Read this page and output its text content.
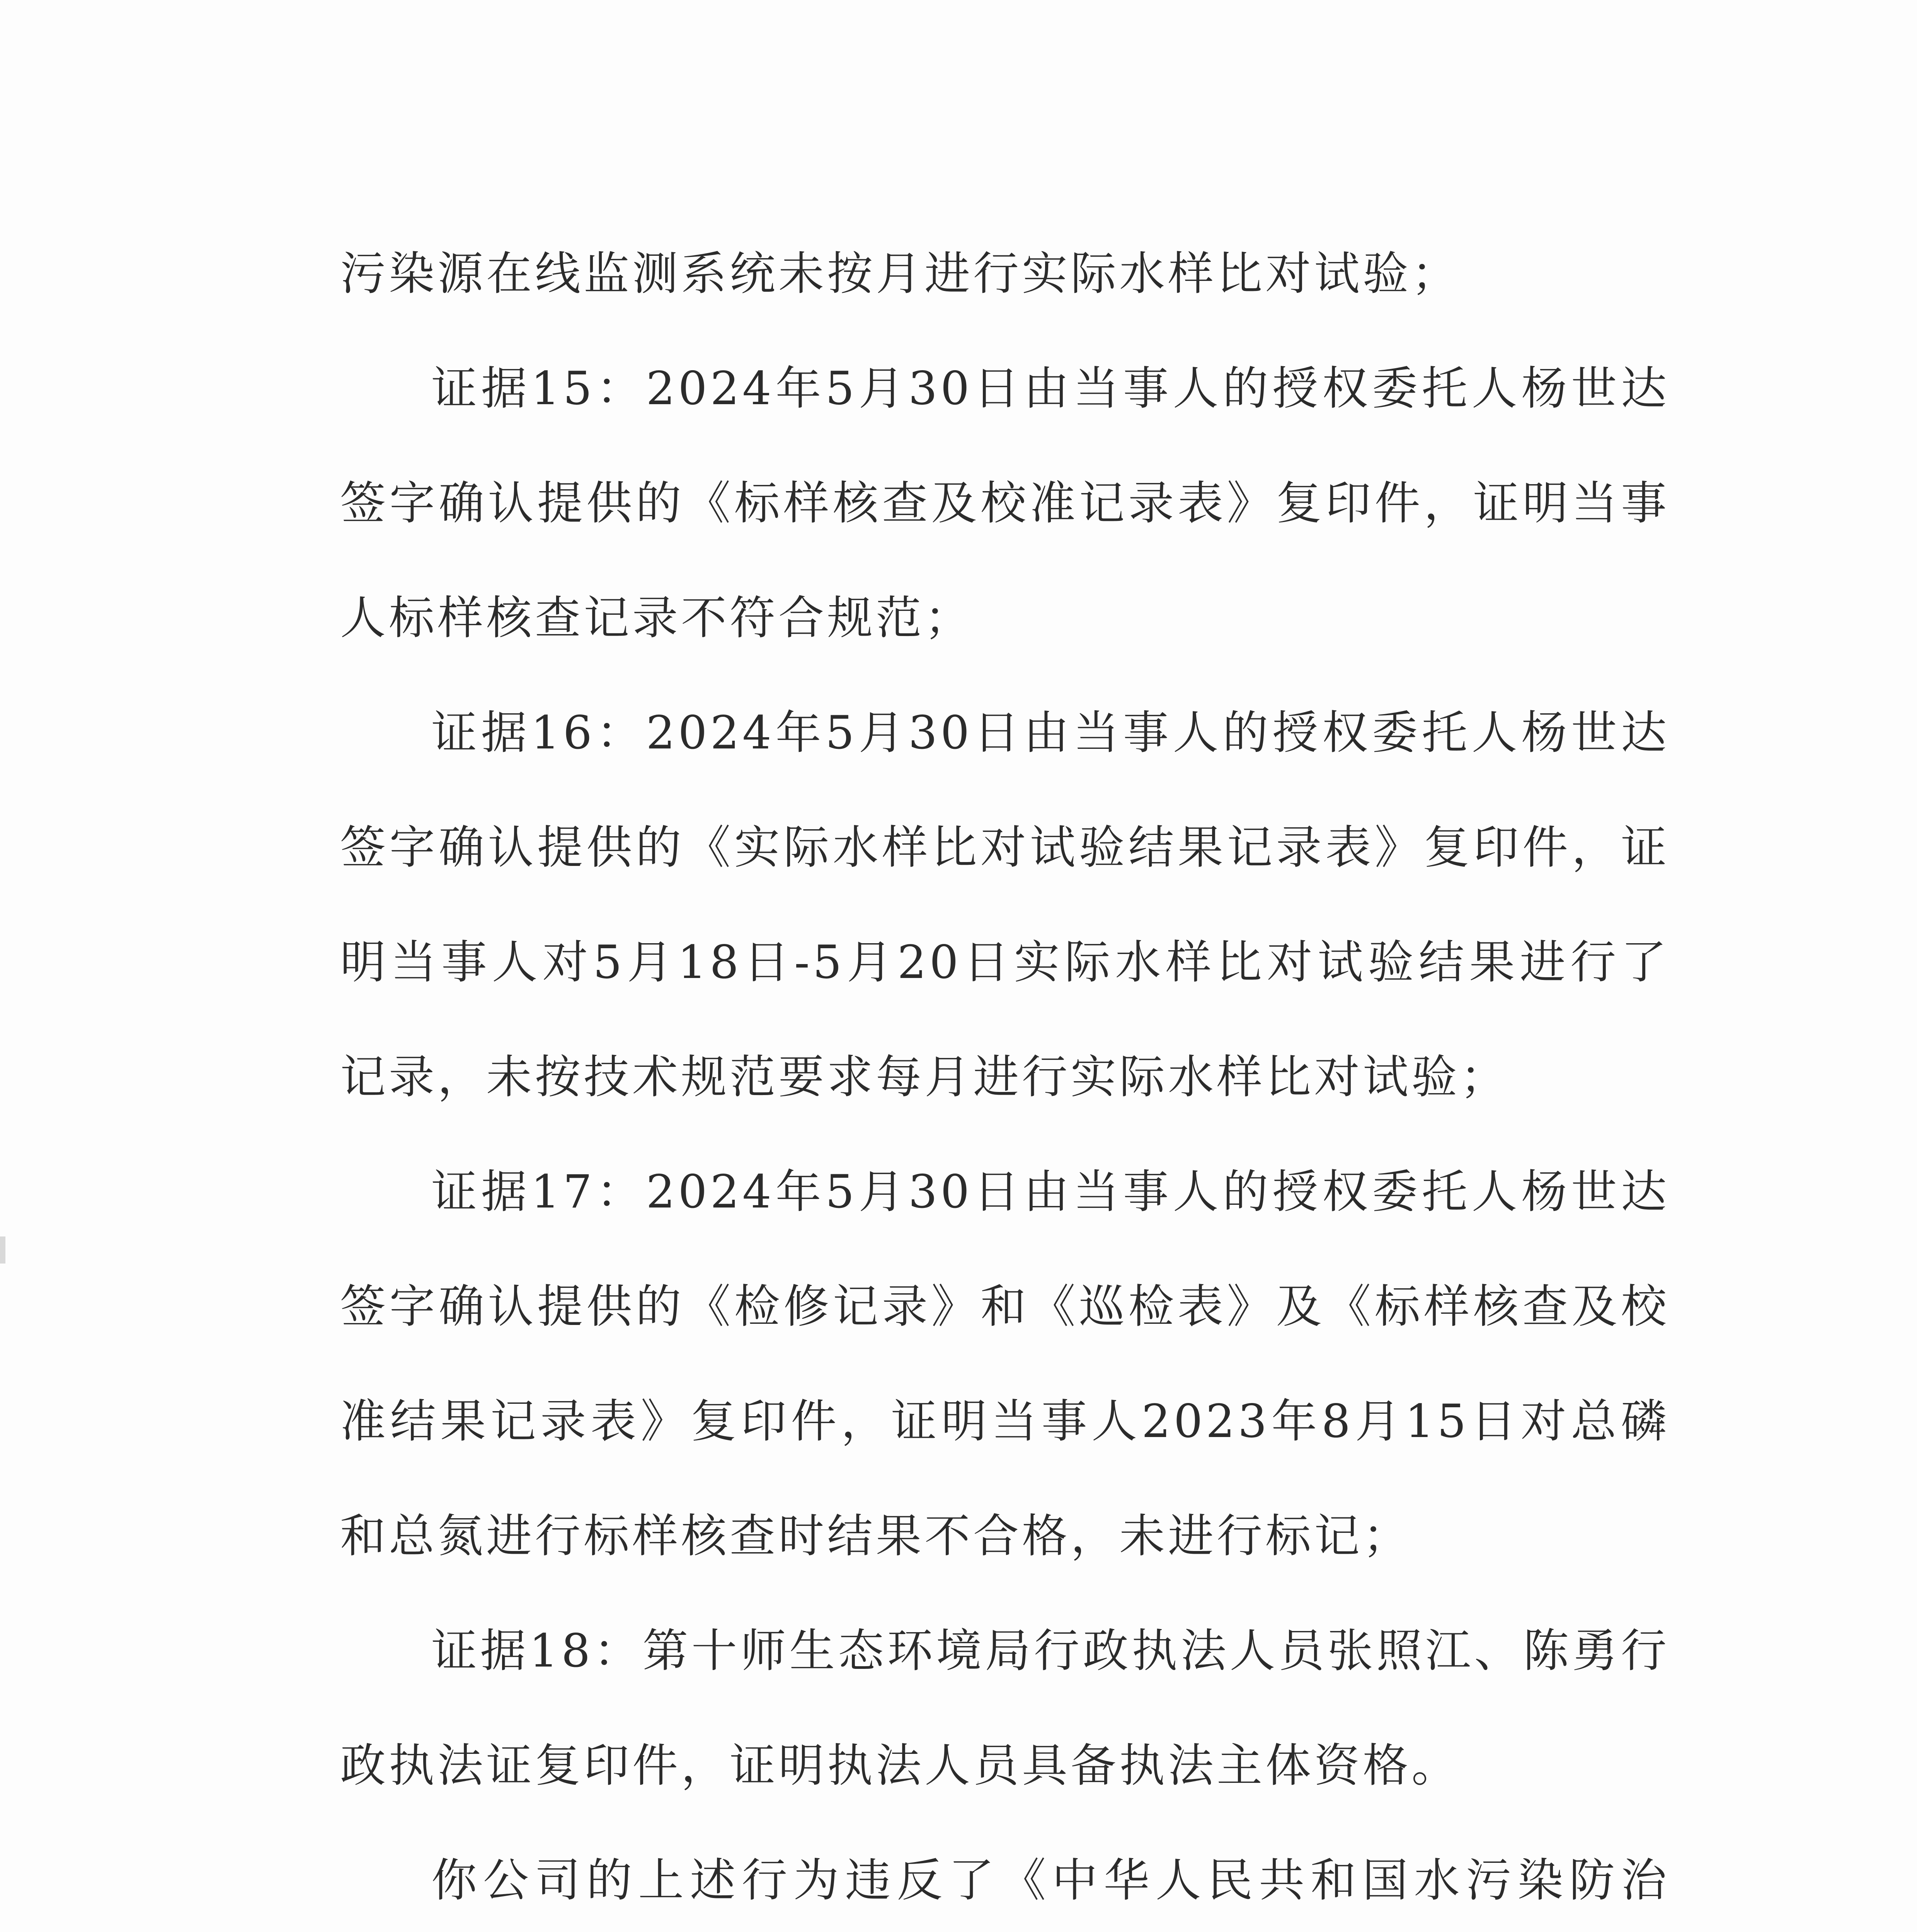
污染源在线监测系统未按月进行实际水样比对试验；

证据15：2024年5月30日由当事人的授权委托人杨世达签字确认提供的《标样核查及校准记录表》复印件，证明当事人标样核查记录不符合规范；

证据16：2024年5月30日由当事人的授权委托人杨世达签字确认提供的《实际水样比对试验结果记录表》复印件，证明当事人对5月18日-5月20日实际水样比对试验结果进行了记录，未按技术规范要求每月进行实际水样比对试验；

证据17：2024年5月30日由当事人的授权委托人杨世达签字确认提供的《检修记录》和《巡检表》及《标样核查及校准结果记录表》复印件，证明当事人2023年8月15日对总磷和总氮进行标样核查时结果不合格，未进行标记；

证据18：第十师生态环境局行政执法人员张照江、陈勇行政执法证复印件，证明执法人员具备执法主体资格。

你公司的上述行为违反了《中华人民共和国水污染防治
